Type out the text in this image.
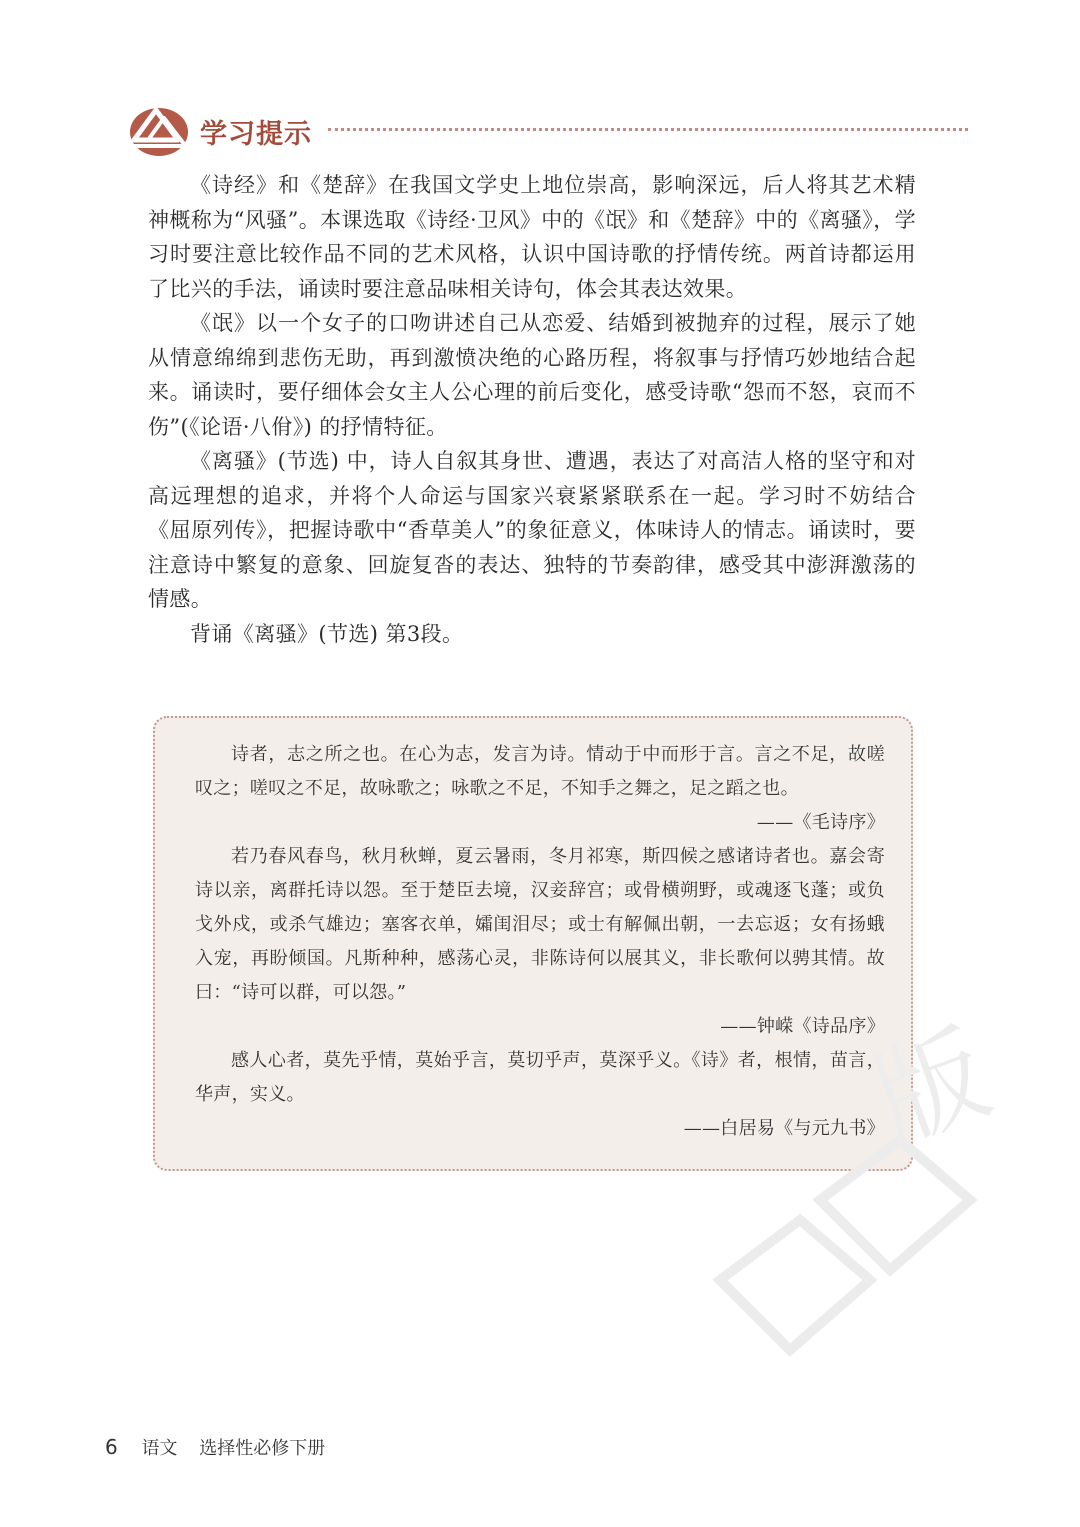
学习提示

《诗经》和《楚辞》在我国文学史上地位崇高，影响深远，后人将其艺术精神概称为“风骚”。本课选取《诗经·卫风》中的《氓》和《楚辞》中的《离骚》，学习时要注意比较作品不同的艺术风格，认识中国诗歌的抒情传统。两首诗都运用了比兴的手法，诵读时要注意品味相关诗句，体会其表达效果。

《氓》以一个女子的口吻讲述自己从恋爱、结婚到被抛弃的过程，展示了她从情意绵绵到悲伤无助，再到激愤决绝的心路历程，将叙事与抒情巧妙地结合起来。诵读时，要仔细体会女主人公心理的前后变化，感受诗歌“怨而不怒，哀而不伤”(《论语·八佾》) 的抒情特征。

《离骚》(节选) 中，诗人自叙其身世、遭遇，表达了对高洁人格的坚守和对高远理想的追求，并将个人命运与国家兴衰紧紧联系在一起。学习时不妨结合《屈原列传》，把握诗歌中“香草美人”的象征意义，体味诗人的情志。诵读时，要注意诗中繁复的意象、回旋复沓的表达、独特的节奏韵律，感受其中澎湃激荡的情感。

背诵《离骚》(节选) 第3段。

诗者，志之所之也。在心为志，发言为诗。情动于中而形于言。言之不足，故嗟叹之；嗟叹之不足，故咏歌之；咏歌之不足，不知手之舞之，足之蹈之也。

——《毛诗序》

若乃春风春鸟，秋月秋蝉，夏云暑雨，冬月祁寒，斯四候之感诸诗者也。嘉会寄诗以亲，离群托诗以怨。至于楚臣去境，汉妾辞宫；或骨横朔野，或魂逐飞蓬；或负戈外戍，或杀气雄边；塞客衣单，孀闺泪尽；或士有解佩出朝，一去忘返；女有扬蛾入宠，再盼倾国。凡斯种种，感荡心灵，非陈诗何以展其义，非长歌何以骋其情。故曰：“诗可以群，可以怨。”

——钟嵘《诗品序》

感人心者，莫先乎情，莫始乎言，莫切乎声，莫深乎义。《诗》者，根情，苗言，华声，实义。

——白居易《与元九书》

版
6 语文 选择性必修下册
